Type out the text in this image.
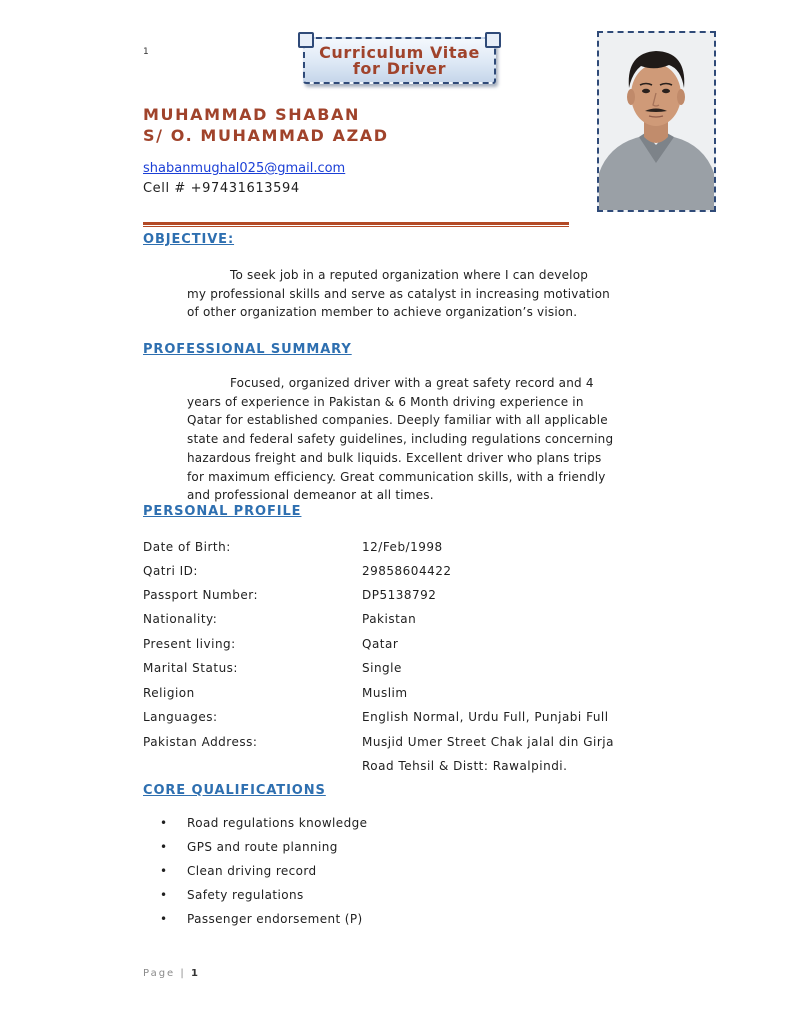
1	Curriculum Vitae
for Driver
MUHAMMAD SHABAN
S/ O. MUHAMMAD AZAD
shabanmughal025@gmail.com
Cell # +97431613594
OBJECTIVE:
To seek job in a reputed organization where I can develop
my professional skills and serve as catalyst in increasing motivation
of other organization member to achieve organization’s vision.
PROFESSIONAL SUMMARY
Focused, organized driver with a great safety record and 4
years of experience in Pakistan & 6 Month driving experience in
Qatar for established companies. Deeply familiar with all applicable
state and federal safety guidelines, including regulations concerning
hazardous freight and bulk liquids. Excellent driver who plans trips
for maximum efficiency. Great communication skills, with a friendly
and professional demeanor at all times.
PERSONAL PROFILE
Date of Birth:	12/Feb/1998
Qatri ID:	29858604422
Passport Number:	DP5138792
Nationality:	Pakistan
Present living:	Qatar
Marital Status:	Single
Religion	Muslim
Languages:	English Normal, Urdu Full, Punjabi Full
Pakistan Address:	Musjid Umer Street Chak jalal din Girja
Road Tehsil & Distt: Rawalpindi.
CORE QUALIFICATIONS
• Road regulations knowledge
• GPS and route planning
• Clean driving record
• Safety regulations
• Passenger endorsement (P)
Page | 1
